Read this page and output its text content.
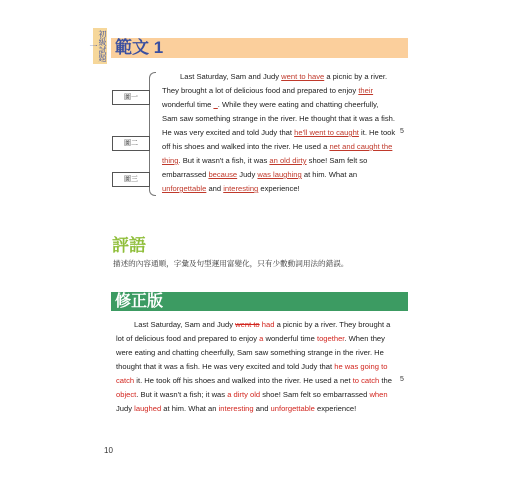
初級試題一	範文 1
圖一
圖二
圖三
Last Saturday, Sam and Judy went to have a picnic by a river.
They brought a lot of delicious food and prepared to enjoy their
wonderful time _. While they were eating and chatting cheerfully,
Sam saw something strange in the river. He thought that it was a fish.
He was very excited and told Judy that he'll went to caught it. He took
off his shoes and walked into the river. He used a net and caught the
thing. But it wasn't a fish, it was an old dirty shoe! Sam felt so
embarrassed because Judy was laughing at him. What an
unforgettable and interesting experience!
5
評語
描述的內容通順，字彙及句型運用富變化，只有少數動詞用法的錯誤。
修正版
Last Saturday, Sam and Judy went to had a picnic by a river. They brought a
lot of delicious food and prepared to enjoy a wonderful time together. When they
were eating and chatting cheerfully, Sam saw something strange in the river. He
thought that it was a fish. He was very excited and told Judy that he was going to
catch it. He took off his shoes and walked into the river. He used a net to catch the
object. But it wasn't a fish; it was a dirty old shoe! Sam felt so embarrassed when
Judy laughed at him. What an interesting and unforgettable experience!
5
10
